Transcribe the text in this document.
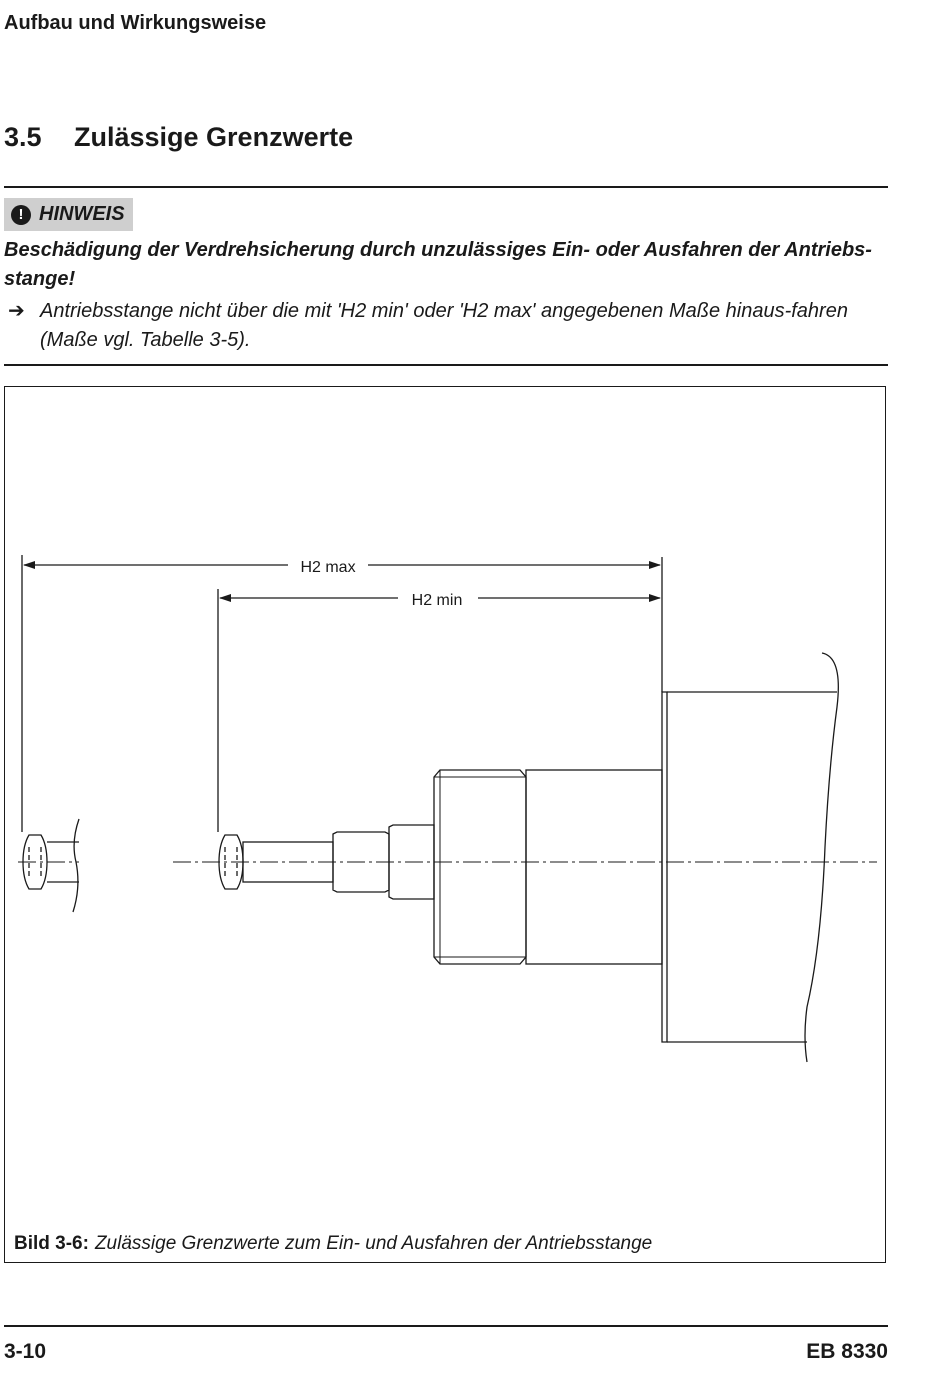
Aufbau und Wirkungsweise
3.5 Zulässige Grenzwerte
! HINWEIS
Beschädigung der Verdrehsicherung durch unzulässiges Ein- oder Ausfahren der Antriebs-stange!
➔ Antriebsstange nicht über die mit 'H2 min' oder 'H2 max' angegebenen Maße hinaus-fahren (Maße vgl. Tabelle 3-5).
H2 max
H2 min
Bild 3-6: Zulässige Grenzwerte zum Ein- und Ausfahren der Antriebsstange
3-10	EB 8330
